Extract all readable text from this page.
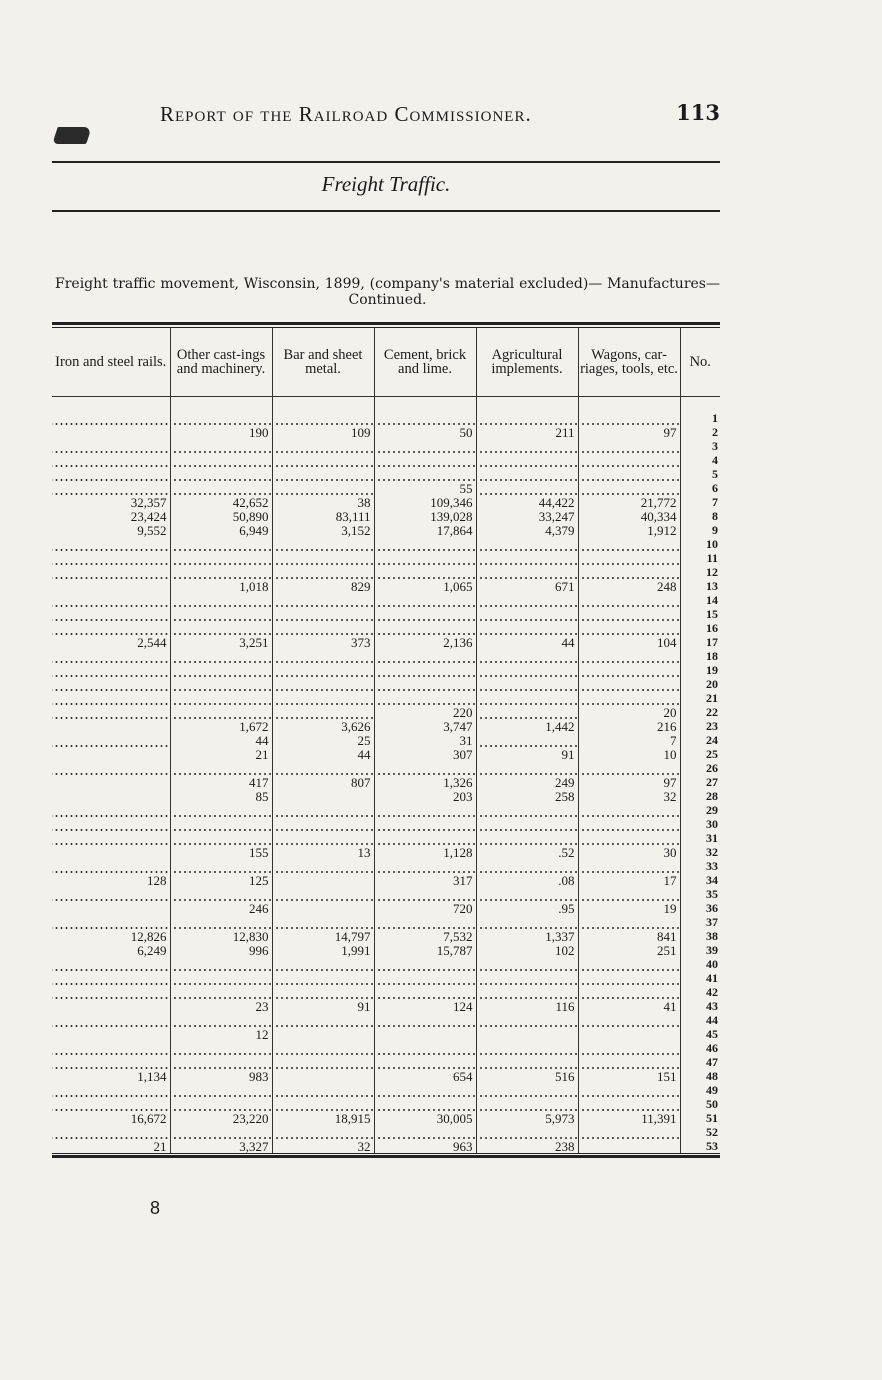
Report of the Railroad Commissioner.	113
Freight Traffic.
Freight traffic movement, Wisconsin, 1899, (company's material excluded)— Manufactures—Continued.
Iron and steel rails.	Other cast-ings and machinery.	Bar and sheet metal.	Cement, brick and lime.	Agricultural implements.	Wagons, car-riages, tools, etc.	No.

						1
	190	109	50	211	97	2
						3
						4
						5
			55			6
32,357	42,652	38	109,346	44,422	21,772	7
23,424	50,890	83,111	139,028	33,247	40,334	8
9,552	6,949	3,152	17,864	4,379	1,912	9
						10
						11
						12
	1,018	829	1,065	671	248	13
						14
						15
						16
2,544	3,251	373	2,136	44	104	17
						18
						19
						20
						21
			220		20	22
	1,672	3,626	3,747	1,442	216	23
	44	25	31		7	24
	21	44	307	91	10	25
						26
	417	807	1,326	249	97	27
	85		203	258	32	28
						29
						30
						31
	155	13	1,128	.52	30	32
						33
128	125		317	.08	17	34
						35
	246		720	.95	19	36
						37
12,826	12,830	14,797	7,532	1,337	841	38
6,249	996	1,991	15,787	102	251	39
						40
						41
						42
	23	91	124	116	41	43
						44
	12					45
						46
						47
1,134	983		654	516	151	48
						49
						50
16,672	23,220	18,915	30,005	5,973	11,391	51
						52
21	3,327	32	963	238		53
8
